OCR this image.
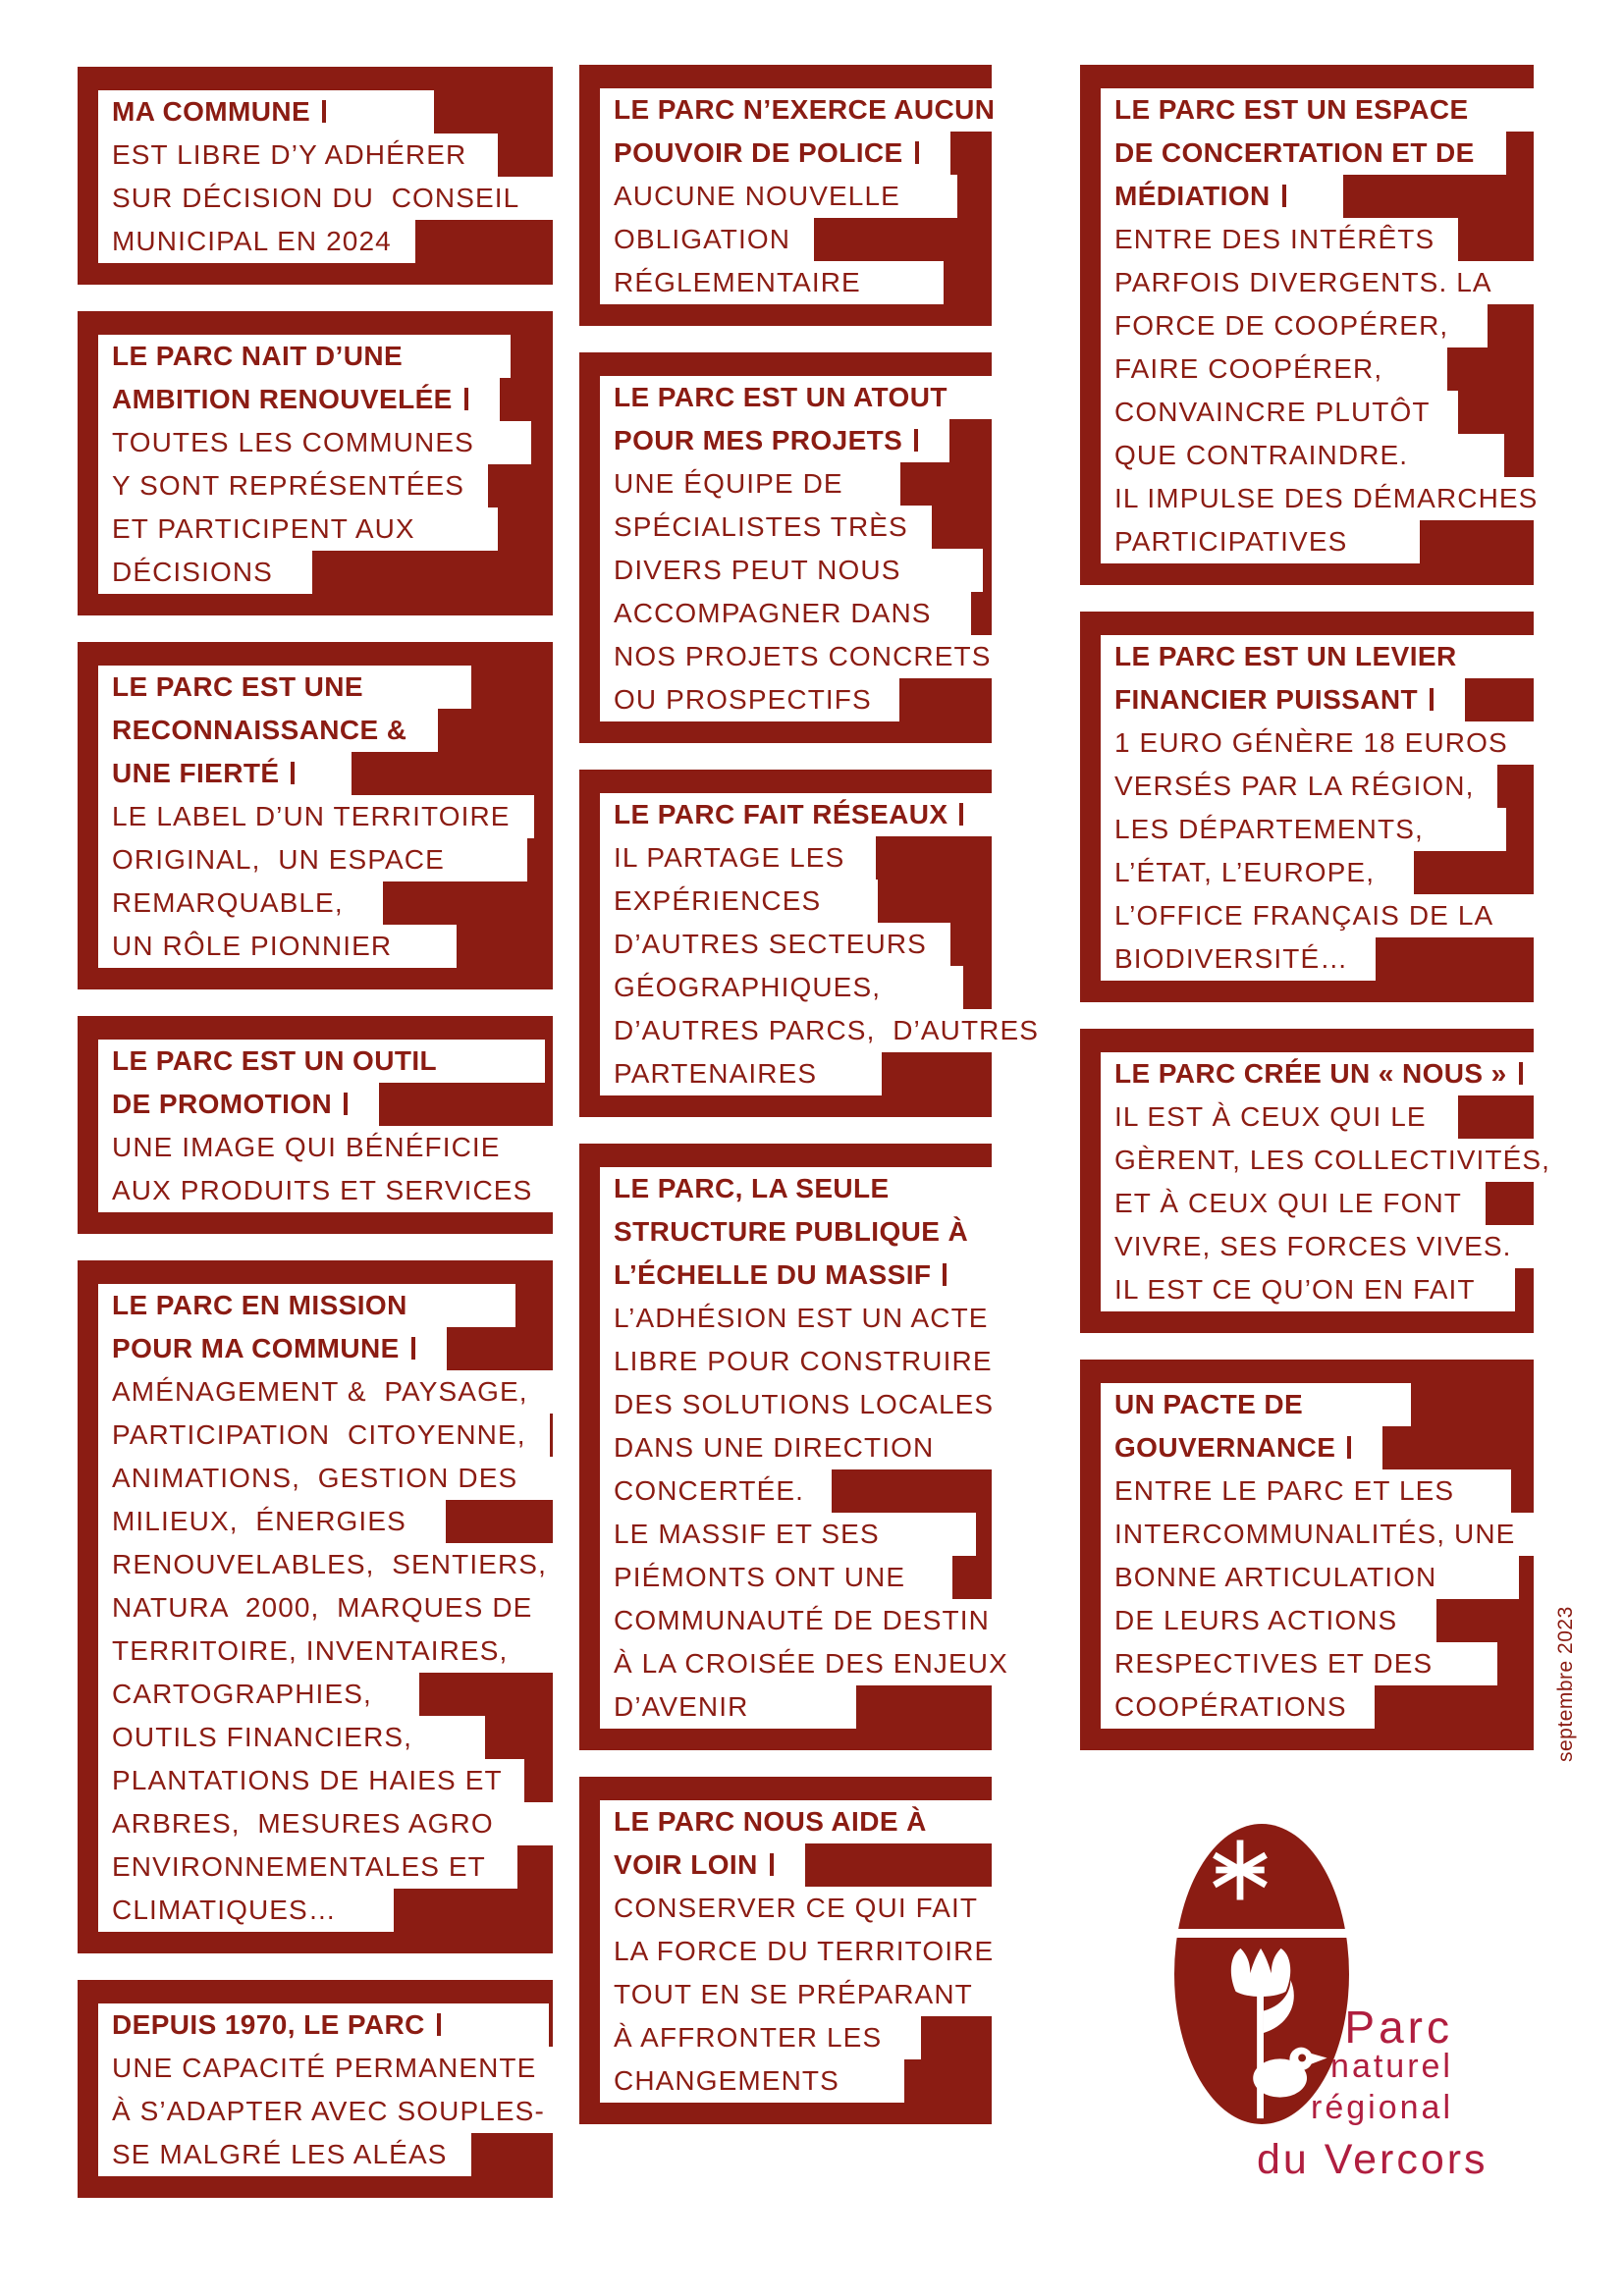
MA COMMUNE
EST LIBRE D’Y ADHÉRER
SUR DÉCISION DU  CONSEIL
MUNICIPAL EN 2024
LE PARC NAIT D’UNE
AMBITION RENOUVELÉE
TOUTES LES COMMUNES
Y SONT REPRÉSENTÉES
ET PARTICIPENT AUX
DÉCISIONS
LE PARC EST UNE
RECONNAISSANCE &
UNE FIERTÉ
LE LABEL D’UN TERRITOIRE
ORIGINAL,  UN ESPACE
REMARQUABLE,
UN RÔLE PIONNIER
LE PARC EST UN OUTIL
DE PROMOTION
UNE IMAGE QUI BÉNÉFICIE
AUX PRODUITS ET SERVICES
LE PARC EN MISSION
POUR MA COMMUNE
AMÉNAGEMENT &  PAYSAGE,
PARTICIPATION  CITOYENNE,
ANIMATIONS,  GESTION DES
MILIEUX,  ÉNERGIES
RENOUVELABLES,  SENTIERS,
NATURA  2000,  MARQUES DE
TERRITOIRE, INVENTAIRES,
CARTOGRAPHIES,
OUTILS FINANCIERS,
PLANTATIONS DE HAIES ET
ARBRES,  MESURES AGRO
ENVIRONNEMENTALES ET
CLIMATIQUES…
DEPUIS 1970, LE PARC
UNE CAPACITÉ PERMANENTE
À S’ADAPTER AVEC SOUPLES-
SE MALGRÉ LES ALÉAS
LE PARC N’EXERCE AUCUN
POUVOIR DE POLICE
AUCUNE NOUVELLE
OBLIGATION
RÉGLEMENTAIRE
LE PARC EST UN ATOUT
POUR MES PROJETS
UNE ÉQUIPE DE
SPÉCIALISTES TRÈS
DIVERS PEUT NOUS
ACCOMPAGNER DANS
NOS PROJETS CONCRETS
OU PROSPECTIFS
LE PARC FAIT RÉSEAUX
IL PARTAGE LES
EXPÉRIENCES
D’AUTRES SECTEURS
GÉOGRAPHIQUES,
D’AUTRES PARCS,  D’AUTRES
PARTENAIRES
LE PARC, LA SEULE
STRUCTURE PUBLIQUE À
L’ÉCHELLE DU MASSIF
L’ADHÉSION EST UN ACTE
LIBRE POUR CONSTRUIRE
DES SOLUTIONS LOCALES
DANS UNE DIRECTION
CONCERTÉE.
LE MASSIF ET SES
PIÉMONTS ONT UNE
COMMUNAUTÉ DE DESTIN
À LA CROISÉE DES ENJEUX
D’AVENIR
LE PARC NOUS AIDE À
VOIR LOIN
CONSERVER CE QUI FAIT
LA FORCE DU TERRITOIRE
TOUT EN SE PRÉPARANT
À AFFRONTER LES
CHANGEMENTS
LE PARC EST UN ESPACE
DE CONCERTATION ET DE
MÉDIATION
ENTRE DES INTÉRÊTS
PARFOIS DIVERGENTS. LA
FORCE DE COOPÉRER,
FAIRE COOPÉRER,
CONVAINCRE PLUTÔT
QUE CONTRAINDRE.
IL IMPULSE DES DÉMARCHES
PARTICIPATIVES
LE PARC EST UN LEVIER
FINANCIER PUISSANT
1 EURO GÉNÈRE 18 EUROS
VERSÉS PAR LA RÉGION,
LES DÉPARTEMENTS,
L’ÉTAT, L’EUROPE,
L’OFFICE FRANÇAIS DE LA
BIODIVERSITÉ…
LE PARC CRÉE UN « NOUS »
IL EST À CEUX QUI LE
GÈRENT, LES COLLECTIVITÉS,
ET À CEUX QUI LE FONT
VIVRE, SES FORCES VIVES.
IL EST CE QU’ON EN FAIT
UN PACTE DE
GOUVERNANCE
ENTRE LE PARC ET LES
INTERCOMMUNALITÉS, UNE
BONNE ARTICULATION
DE LEURS ACTIONS
RESPECTIVES ET DES
COOPÉRATIONS	septembre 2023
Parc
naturel
régional
du Vercors
